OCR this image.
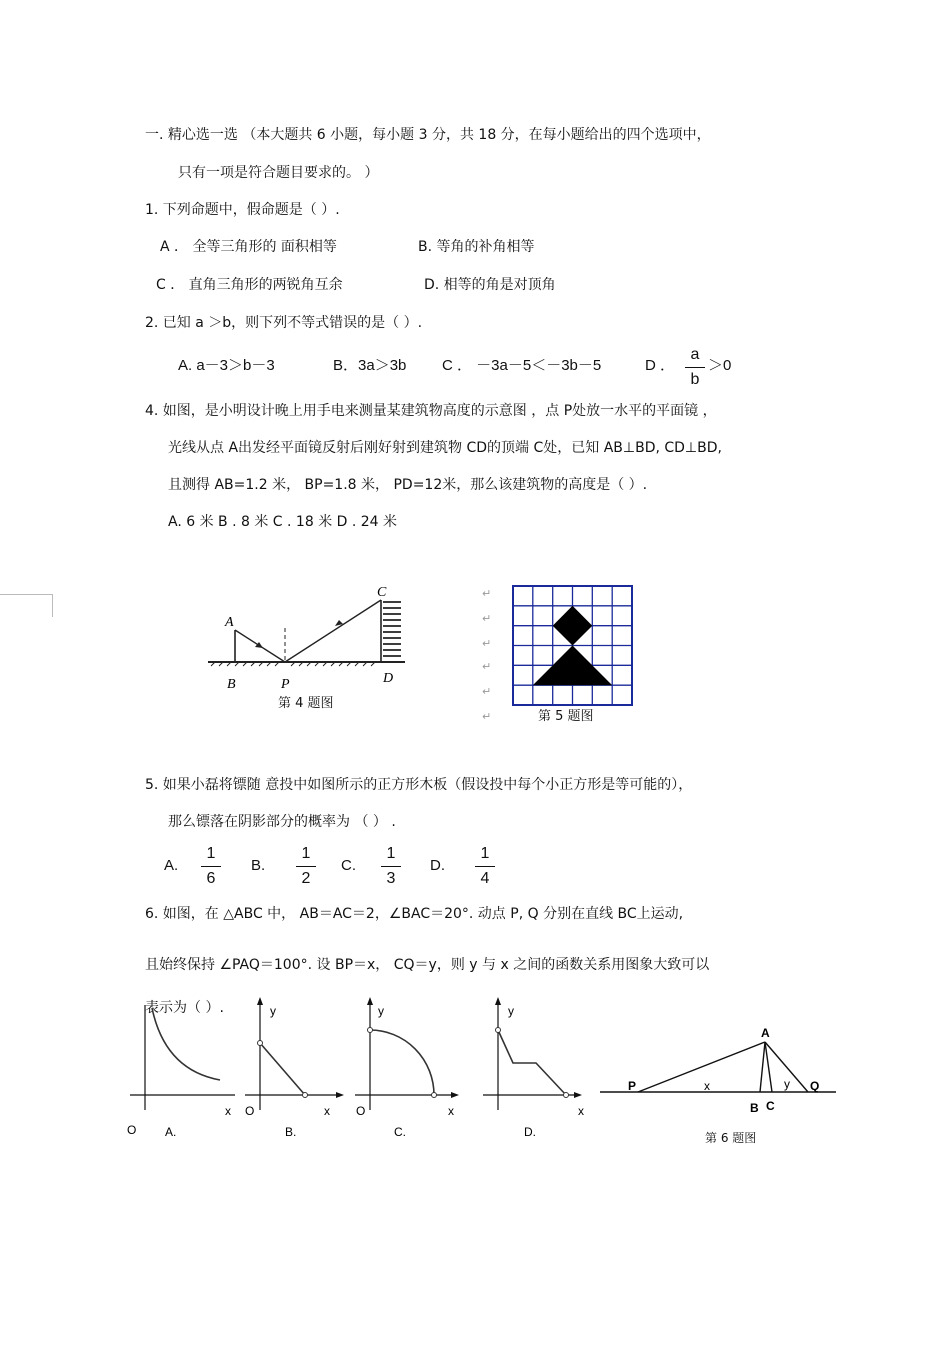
一. 精心选一选 （本大题共 6 小题，每小题 3 分，共 18 分，在每小题给出的四个选项中，
只有一项是符合题目要求的。 ）
1. 下列命题中，假命题是（ ）.
A ． 全等三角形的 面积相等	B. 等角的补角相等
C ． 直角三角形的两锐角互余	D. 相等的角是对顶角
2. 已知 a ＞b，则下列不等式错误的是（ ）.
A. a－3＞b－3	B．3a＞3b C ． －3a－5＜－3b－5	D ．
a
b
＞0
4. 如图，是小明设计晚上用手电来测量某建筑物高度的示意图 ，点 P处放一水平的平面镜 ，
光线从点 A出发经平面镜反射后刚好射到建筑物 CD的顶端 C处，已知 AB⊥BD, CD⊥BD,
且测得 AB=1.2 米， BP=1.8 米， PD=12米，那么该建筑物的高度是（ ）.
A. 6 米 B . 8 米 C . 18 米 D . 24 米
A
B	P
C
D
第 4 题图
第 5 题图
↵
↵
↵
↵
↵
↵
5. 如果小磊将镖随 意投中如图所示的正方形木板（假设投中每个小正方形是等可能的），
那么镖落在阴影部分的概率为 （ ） .
A.
1
6
B.
1
2
C.
1
3
D.
1
4
6. 如图，在 △ABC 中， AB＝AC＝2，∠BAC＝20°. 动点 P, Q 分别在直线 BC上运动,
且始终保持 ∠PAQ＝100°. 设 BP＝x， CQ＝y，则 y 与 x 之间的函数关系用图象大致可以
表示为（ ）.
O
x
A.
y
O	x
B.
y
O	x
C.
y
x
D.
A
P	x	y Q
B C
第 6 题图
